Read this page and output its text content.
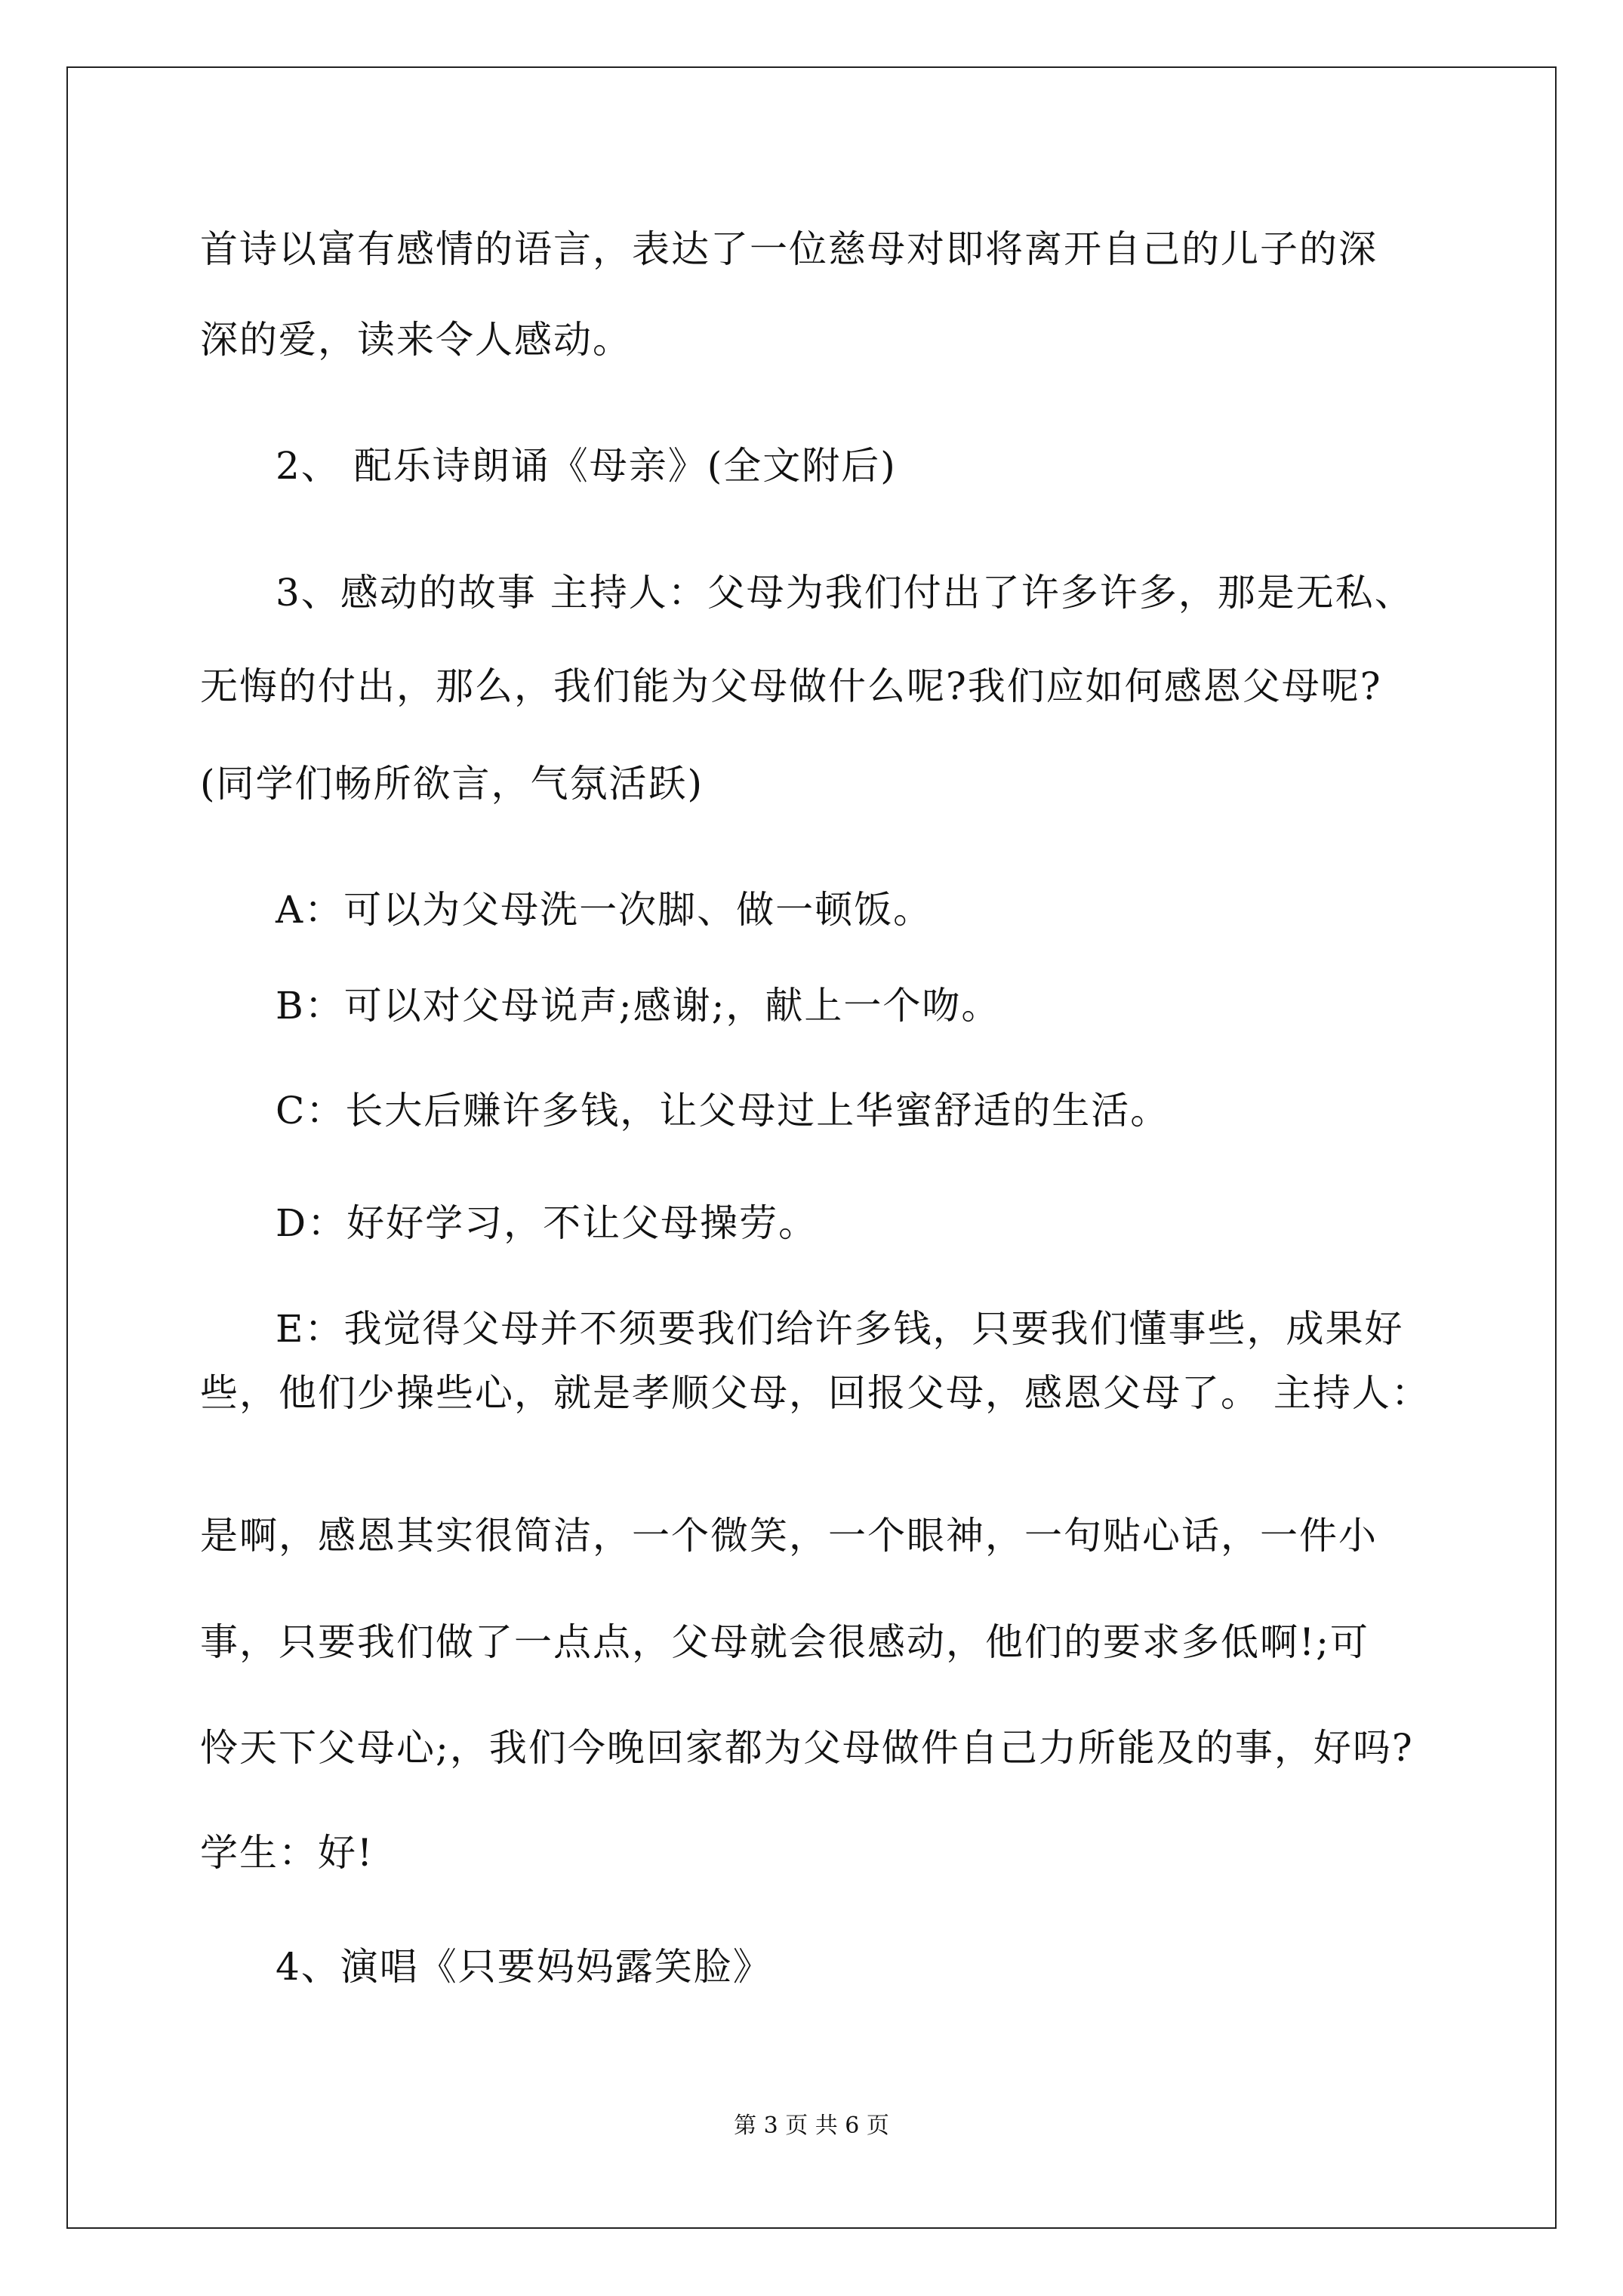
首诗以富有感情的语言，表达了一位慈母对即将离开自己的儿子的深
深的爱，读来令人感动。
2、 配乐诗朗诵《母亲》(全文附后)
3、感动的故事 主持人：父母为我们付出了许多许多，那是无私、
无悔的付出，那么，我们能为父母做什么呢?我们应如何感恩父母呢?
(同学们畅所欲言，气氛活跃)
A：可以为父母洗一次脚、做一顿饭。
B：可以对父母说声;感谢;，献上一个吻。
C：长大后赚许多钱，让父母过上华蜜舒适的生活。
D：好好学习，不让父母操劳。
E：我觉得父母并不须要我们给许多钱，只要我们懂事些，成果好
些，他们少操些心，就是孝顺父母，回报父母，感恩父母了。 主持人：
是啊，感恩其实很简洁，一个微笑，一个眼神，一句贴心话，一件小
事，只要我们做了一点点，父母就会很感动，他们的要求多低啊!;可
怜天下父母心;，我们今晚回家都为父母做件自己力所能及的事，好吗?
学生：好!
4、演唱《只要妈妈露笑脸》
第 3 页 共 6 页
